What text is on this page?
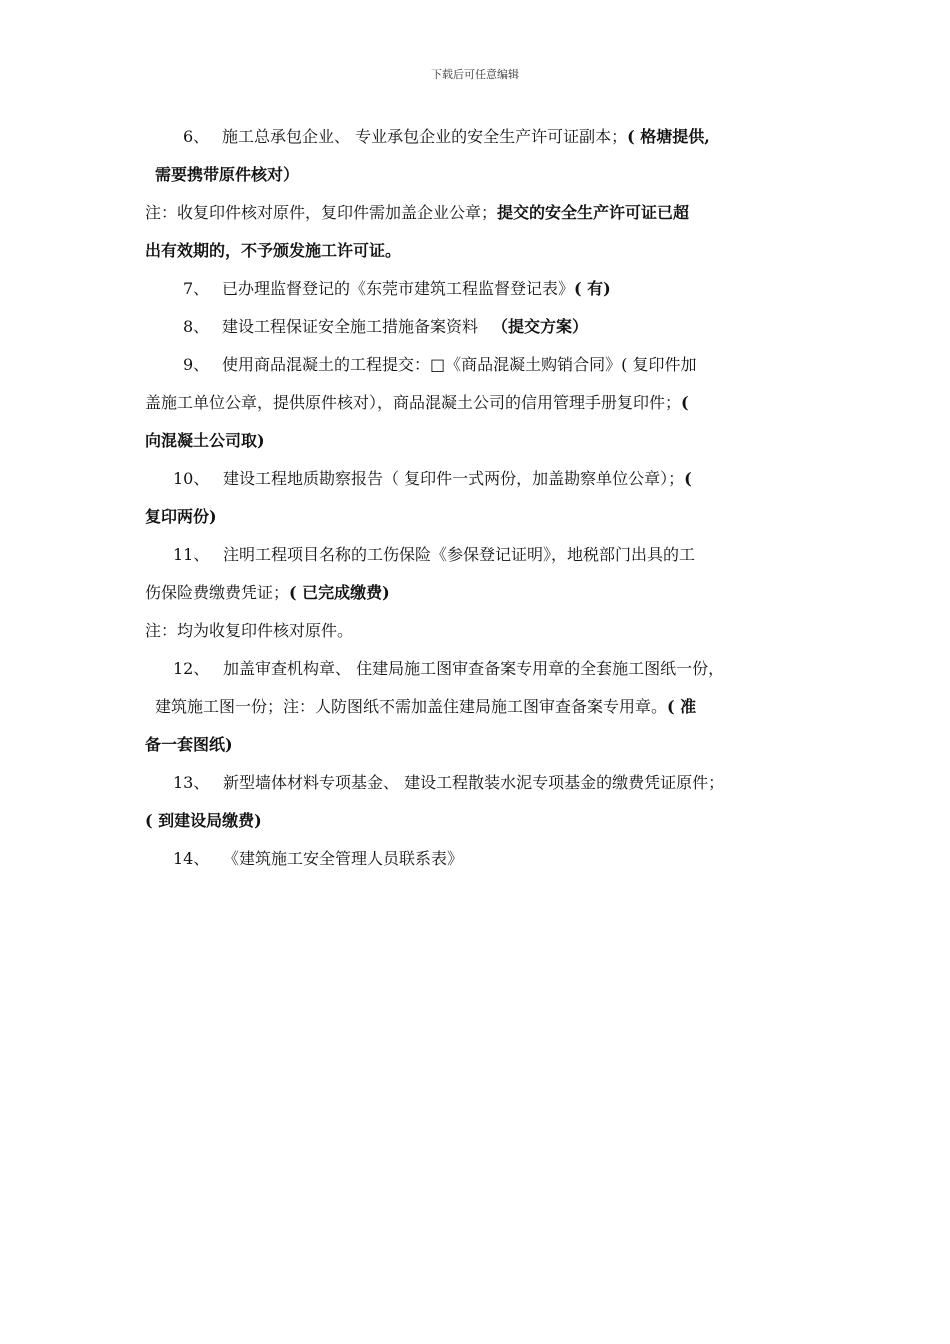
下载后可任意编辑
6、 施工总承包企业、 专业承包企业的安全生产许可证副本；( 格塘提供,
需要携带原件核对）
注：收复印件核对原件，复印件需加盖企业公章；提交的安全生产许可证已超
出有效期的，不予颁发施工许可证。
7、 已办理监督登记的《东莞市建筑工程监督登记表》( 有)
8、 建设工程保证安全施工措施备案资料 （提交方案）
9、 使用商品混凝土的工程提交：□《商品混凝土购销合同》( 复印件加
盖施工单位公章，提供原件核对），商品混凝土公司的信用管理手册复印件；(
向混凝土公司取)
10、 建设工程地质勘察报告（ 复印件一式两份，加盖勘察单位公章）；(
复印两份)
11、 注明工程项目名称的工伤保险《参保登记证明》，地税部门出具的工
伤保险费缴费凭证；( 已完成缴费)
注：均为收复印件核对原件。
12、 加盖审查机构章、 住建局施工图审查备案专用章的全套施工图纸一份，
建筑施工图一份；注：人防图纸不需加盖住建局施工图审查备案专用章。( 准
备一套图纸)
13、 新型墙体材料专项基金、 建设工程散装水泥专项基金的缴费凭证原件；
( 到建设局缴费)
14、 《建筑施工安全管理人员联系表》
